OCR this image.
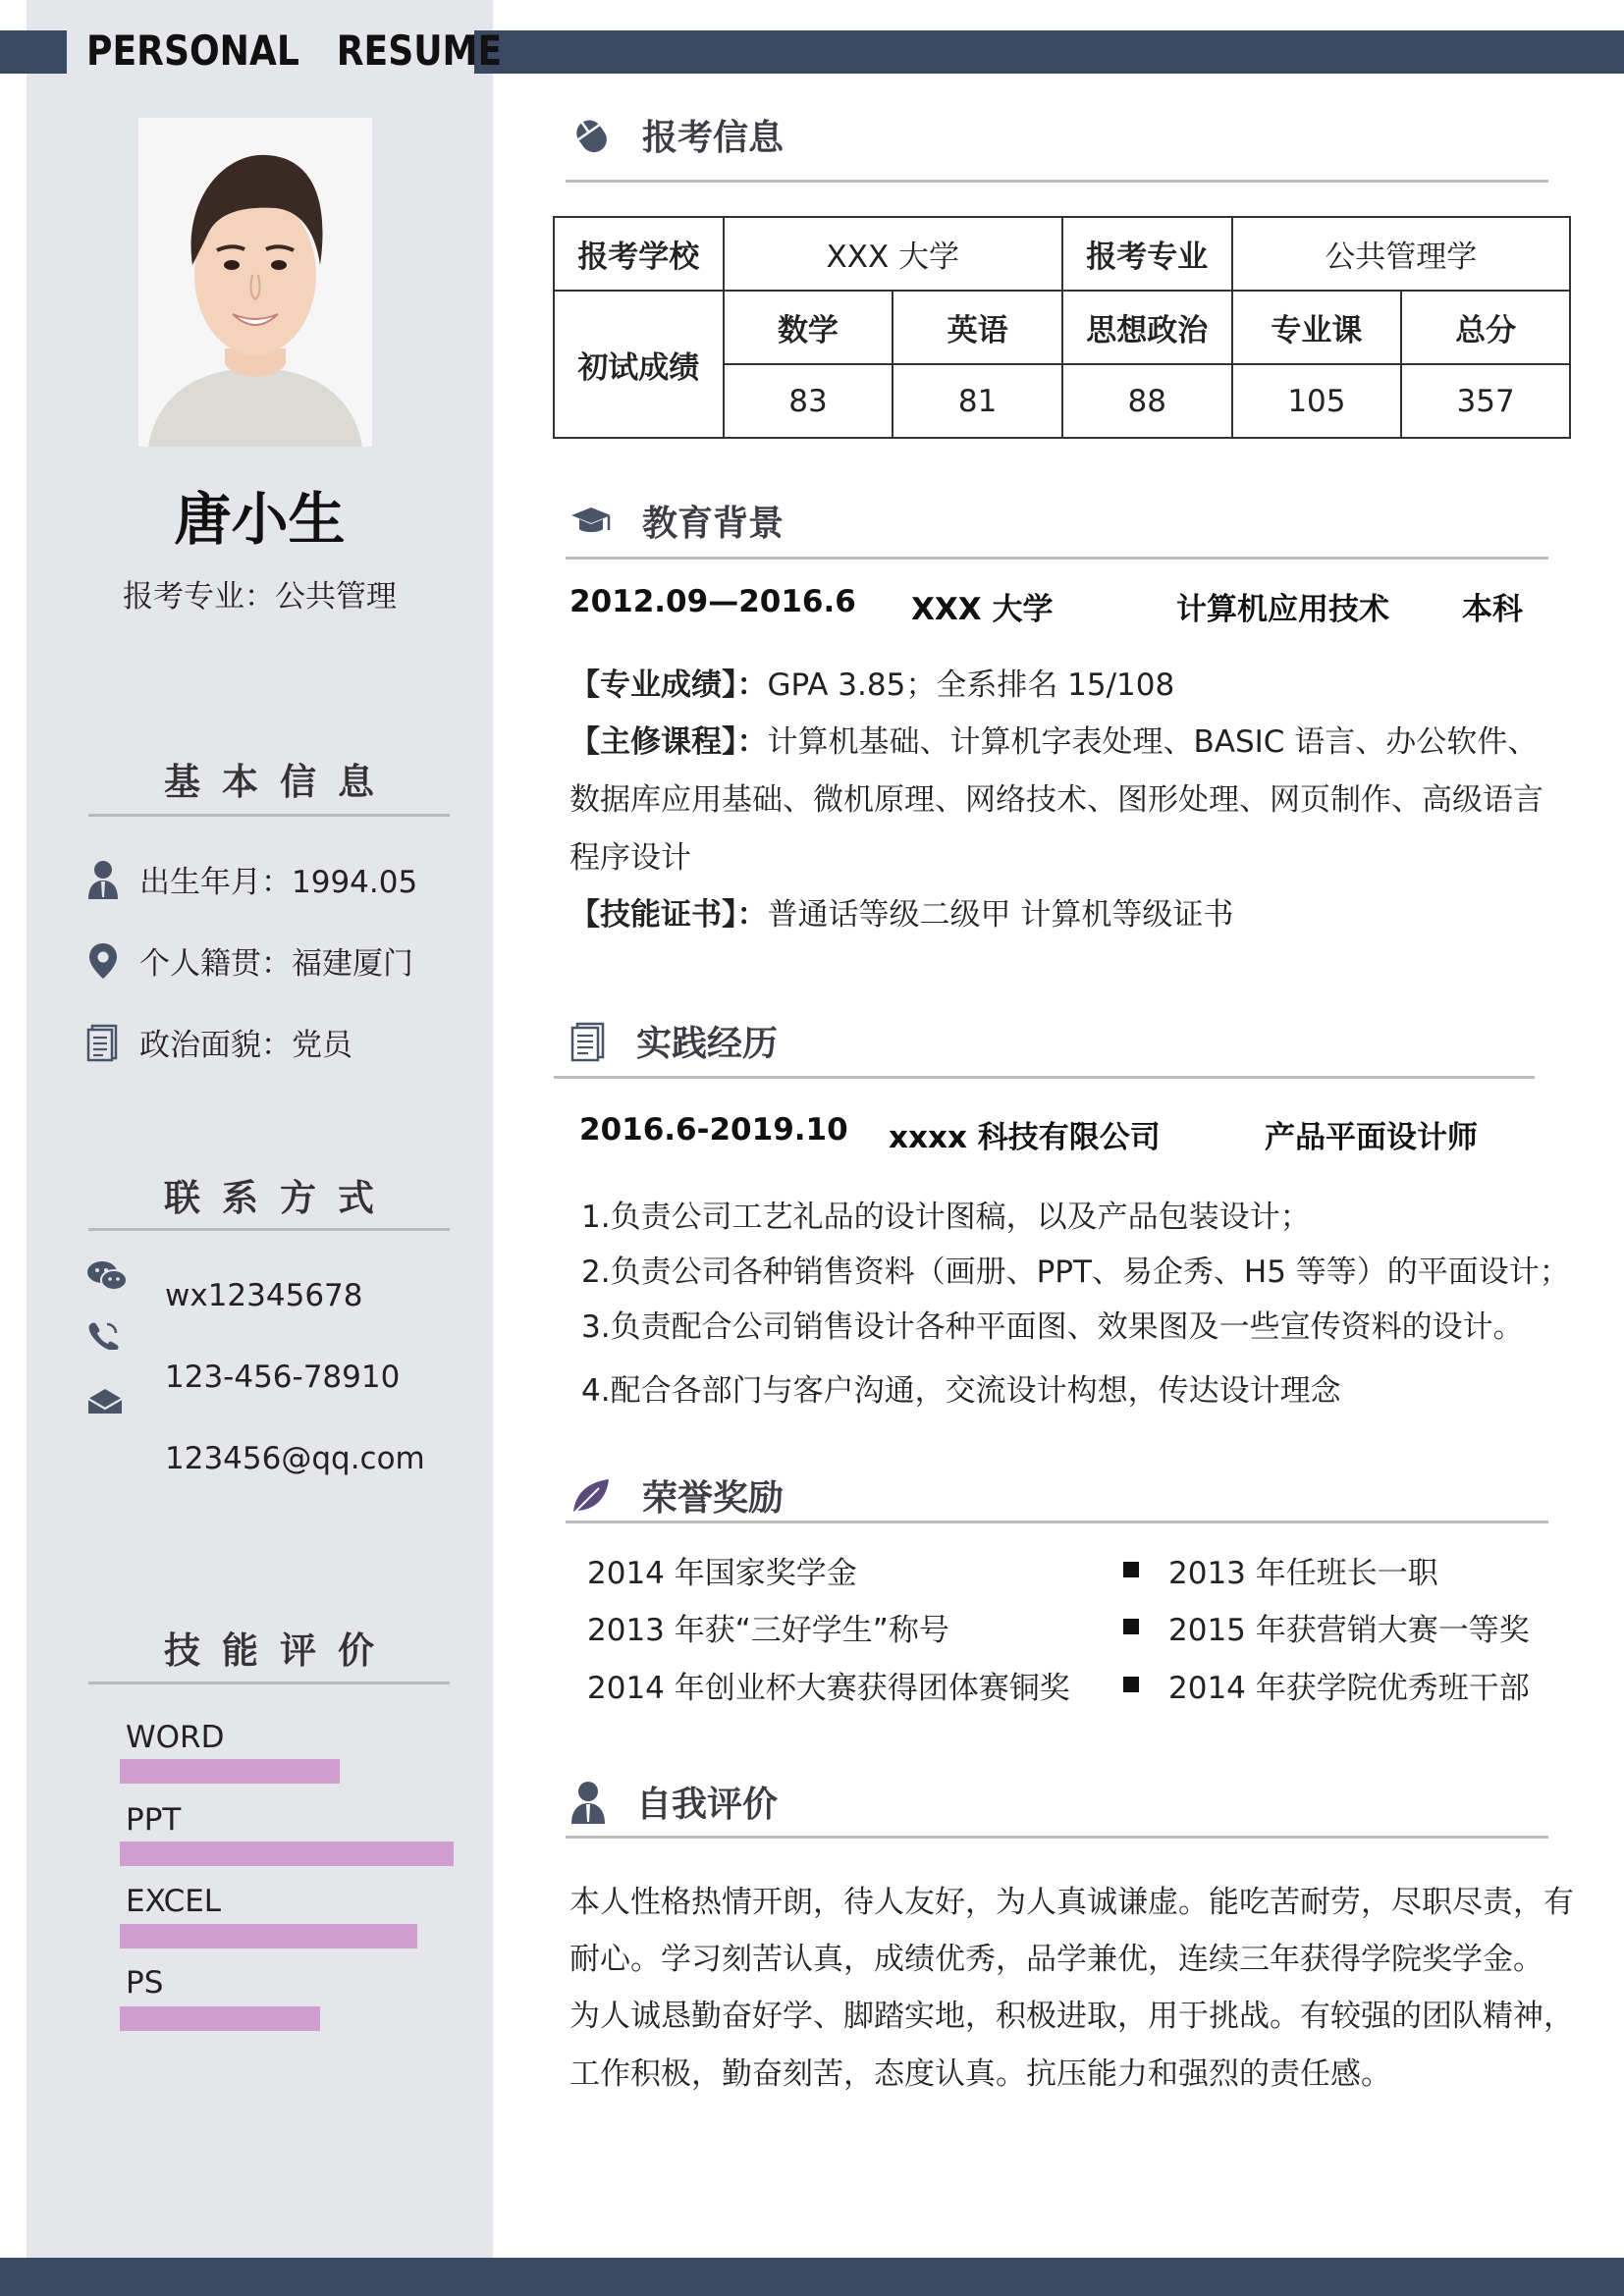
PERSONAL RESUME
唐小生
报考专业：公共管理
基本信息
出生年月：1994.05
个人籍贯：福建厦门
政治面貌：党员
联系方式
wx12345678
123-456-78910
123456@qq.com
技能评价
WORD
PPT
EXCEL
PS
报考信息
报考学校	XXX 大学		报考专业	公共管理学	
初试成绩	数学	英语	思想政治	专业课	总分
	83	81	88	105	357
教育背景
2012.09—2016.6 XXX 大学	计算机应用技术 本科
【专业成绩】：GPA 3.85；全系排名 15/108
【主修课程】：计算机基础、计算机字表处理、BASIC 语言、办公软件、
数据库应用基础、微机原理、网络技术、图形处理、网页制作、高级语言
程序设计
【技能证书】：普通话等级二级甲 计算机等级证书
实践经历
2016.6-2019.10 xxxx 科技有限公司	产品平面设计师
1.负责公司工艺礼品的设计图稿，以及产品包装设计；
2.负责公司各种销售资料（画册、PPT、易企秀、H5 等等）的平面设计；
3.负责配合公司销售设计各种平面图、效果图及一些宣传资料的设计。
4.配合各部门与客户沟通，交流设计构想，传达设计理念
荣誉奖励
2014 年国家奖学金
2013 年获“三好学生”称号
2014 年创业杯大赛获得团体赛铜奖
2013 年任班长一职
2015 年获营销大赛一等奖
2014 年获学院优秀班干部
自我评价
本人性格热情开朗，待人友好，为人真诚谦虚。能吃苦耐劳，尽职尽责，有
耐心。学习刻苦认真，成绩优秀，品学兼优，连续三年获得学院奖学金。
为人诚恳勤奋好学、脚踏实地，积极进取，用于挑战。有较强的团队精神，
工作积极，勤奋刻苦，态度认真。抗压能力和强烈的责任感。
